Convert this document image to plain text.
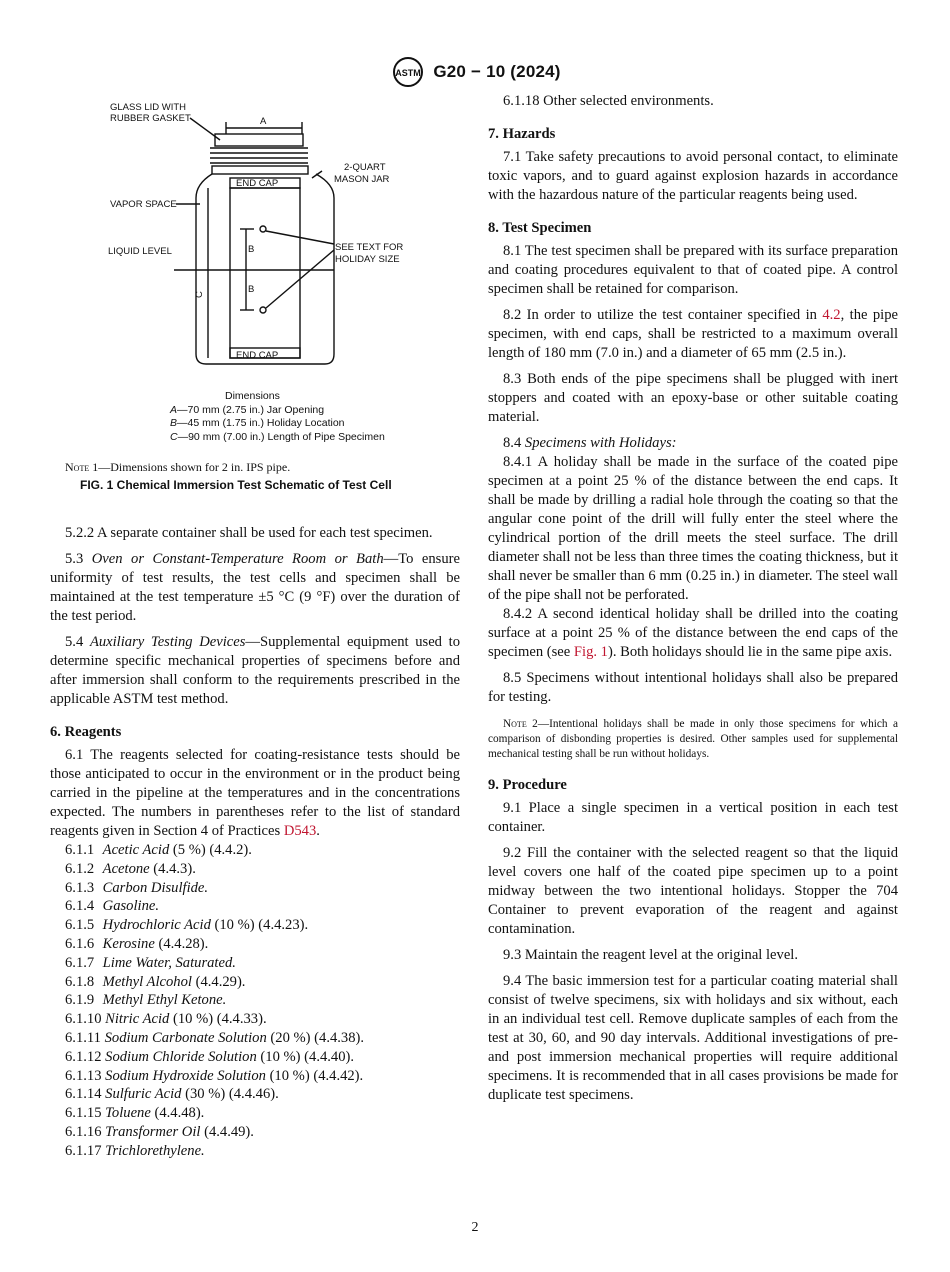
ASTM G20 − 10 (2024)
GLASS LID WITH
RUBBER GASKET	A
2-QUART
MASON JAR
END CAP
VAPOR SPACE
LIQUID LEVEL	B
B
C
SEE TEXT FOR
HOLIDAY SIZE
END CAP
Dimensions
A—70 mm (2.75 in.) Jar Opening
B—45 mm (1.75 in.) Holiday Location
C—90 mm (7.00 in.) Length of Pipe Specimen
Note 1—Dimensions shown for 2 in. IPS pipe.
FIG. 1 Chemical Immersion Test Schematic of Test Cell

5.2.2 A separate container shall be used for each test specimen.

5.3 Oven or Constant-Temperature Room or Bath—To ensure uniformity of test results, the test cells and specimen shall be maintained at the test temperature ±5 °C (9 °F) over the duration of the test period.

5.4 Auxiliary Testing Devices—Supplemental equipment used to determine specific mechanical properties of specimens before and after immersion shall conform to the requirements prescribed in the applicable ASTM test method.

6. Reagents

6.1 The reagents selected for coating-resistance tests should be those anticipated to occur in the environment or in the product being carried in the pipeline at the temperatures and in the concentrations expected. The numbers in parentheses refer to the list of standard reagents given in Section 4 of Practices D543.

6.1.1 Acetic Acid (5 %) (4.4.2).
6.1.2 Acetone (4.4.3).
6.1.3 Carbon Disulfide.
6.1.4 Gasoline.
6.1.5 Hydrochloric Acid (10 %) (4.4.23).
6.1.6 Kerosine (4.4.28).
6.1.7 Lime Water, Saturated.
6.1.8 Methyl Alcohol (4.4.29).
6.1.9 Methyl Ethyl Ketone.
6.1.10 Nitric Acid (10 %) (4.4.33).
6.1.11 Sodium Carbonate Solution (20 %) (4.4.38).
6.1.12 Sodium Chloride Solution (10 %) (4.4.40).
6.1.13 Sodium Hydroxide Solution (10 %) (4.4.42).
6.1.14 Sulfuric Acid (30 %) (4.4.46).
6.1.15 Toluene (4.4.48).
6.1.16 Transformer Oil (4.4.49).
6.1.17 Trichlorethylene.

6.1.18 Other selected environments.

7. Hazards

7.1 Take safety precautions to avoid personal contact, to eliminate toxic vapors, and to guard against explosion hazards in accordance with the hazardous nature of the particular reagents being used.

8. Test Specimen

8.1 The test specimen shall be prepared with its surface preparation and coating procedures equivalent to that of coated pipe. A control specimen shall be retained for comparison.

8.2 In order to utilize the test container specified in 4.2, the pipe specimen, with end caps, shall be restricted to a maximum overall length of 180 mm (7.0 in.) and a diameter of 65 mm (2.5 in.).

8.3 Both ends of the pipe specimens shall be plugged with inert stoppers and coated with an epoxy-base or other suitable coating material.

8.4 Specimens with Holidays:

8.4.1 A holiday shall be made in the surface of the coated pipe specimen at a point 25 % of the distance between the end caps. It shall be made by drilling a radial hole through the coating so that the angular cone point of the drill will fully enter the steel where the cylindrical portion of the drill meets the steel surface. The drill diameter shall not be less than three times the coating thickness, but it shall never be smaller than 6 mm (0.25 in.) in diameter. The steel wall of the pipe shall not be perforated.

8.4.2 A second identical holiday shall be drilled into the coating surface at a point 25 % of the distance between the end caps of the specimen (see Fig. 1). Both holidays should lie in the same pipe axis.

8.5 Specimens without intentional holidays shall also be prepared for testing.

Note 2—Intentional holidays shall be made in only those specimens for which a comparison of disbonding properties is desired. Other samples used for supplemental mechanical testing shall be run without holidays.
9. Procedure

9.1 Place a single specimen in a vertical position in each test container.

9.2 Fill the container with the selected reagent so that the liquid level covers one half of the coated pipe specimen up to a point midway between the two intentional holidays. Stopper the 704 Container to prevent evaporation of the reagent and against contamination.

9.3 Maintain the reagent level at the original level.

9.4 The basic immersion test for a particular coating material shall consist of twelve specimens, six with holidays and six without, each in an individual test cell. Remove duplicate samples of each from the test at 30, 60, and 90 day intervals. Additional investigations of pre- and post immersion mechanical properties will require additional specimens. It is recommended that in all cases provisions be made for duplicate test specimens.

2
